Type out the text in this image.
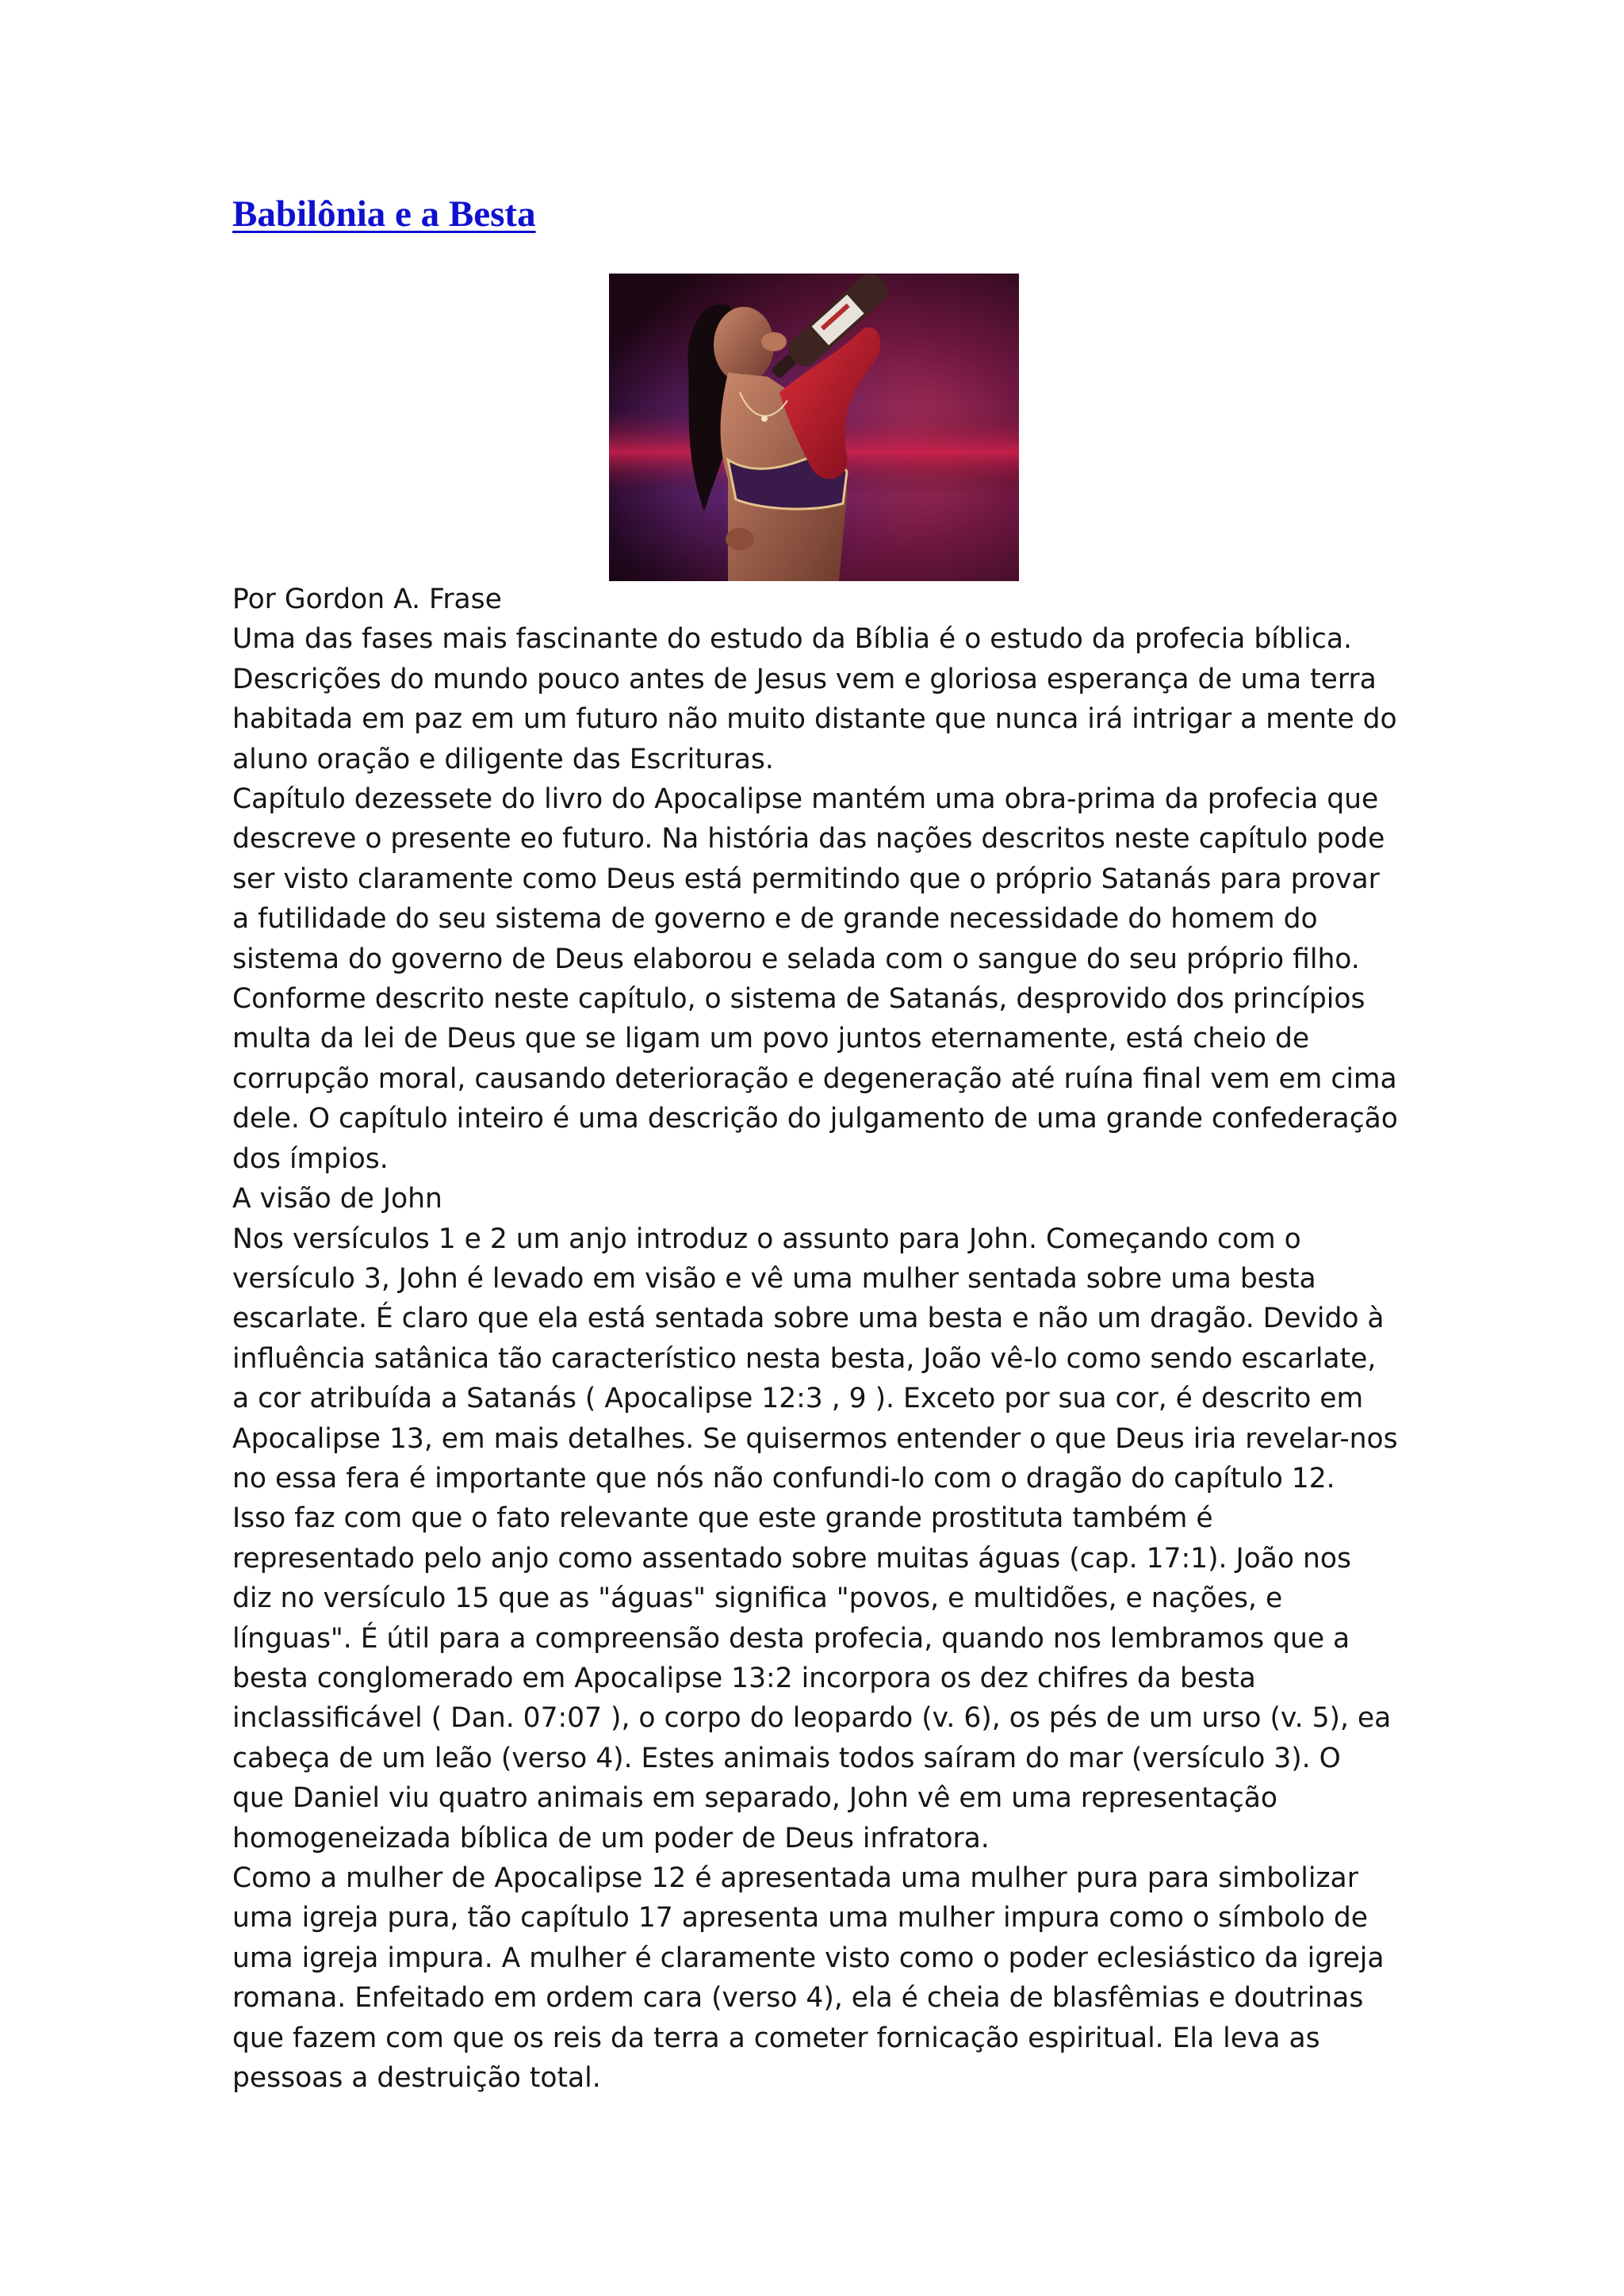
Babilônia e a Besta

Por Gordon A. Frase

Uma das fases mais fascinante do estudo da Bíblia é o estudo da profecia bíblica. Descrições do mundo pouco antes de Jesus vem e gloriosa esperança de uma terra habitada em paz em um futuro não muito distante que nunca irá intrigar a mente do aluno oração e diligente das Escrituras.

Capítulo dezessete do livro do Apocalipse mantém uma obra-prima da profecia que descreve o presente eo futuro. Na história das nações descritos neste capítulo pode ser visto claramente como Deus está permitindo que o próprio Satanás para provar a futilidade do seu sistema de governo e de grande necessidade do homem do sistema do governo de Deus elaborou e selada com o sangue do seu próprio filho.

Conforme descrito neste capítulo, o sistema de Satanás, desprovido dos princípios multa da lei de Deus que se ligam um povo juntos eternamente, está cheio de corrupção moral, causando deterioração e degeneração até ruína final vem em cima dele. O capítulo inteiro é uma descrição do julgamento de uma grande confederação dos ímpios.

A visão de John

Nos versículos 1 e 2 um anjo introduz o assunto para John. Começando com o versículo 3, John é levado em visão e vê uma mulher sentada sobre uma besta escarlate. É claro que ela está sentada sobre uma besta e não um dragão. Devido à influência satânica tão característico nesta besta, João vê-lo como sendo escarlate, a cor atribuída a Satanás ( Apocalipse 12:3 , 9 ). Exceto por sua cor, é descrito em Apocalipse 13, em mais detalhes. Se quisermos entender o que Deus iria revelar-nos no essa fera é importante que nós não confundi-lo com o dragão do capítulo 12.

Isso faz com que o fato relevante que este grande prostituta também é representado pelo anjo como assentado sobre muitas águas (cap. 17:1). João nos diz no versículo 15 que as "águas" significa "povos, e multidões, e nações, e línguas". É útil para a compreensão desta profecia, quando nos lembramos que a besta conglomerado em Apocalipse 13:2 incorpora os dez chifres da besta inclassificável ( Dan. 07:07 ), o corpo do leopardo (v. 6), os pés de um urso (v. 5), ea cabeça de um leão (verso 4). Estes animais todos saíram do mar (versículo 3). O que Daniel viu quatro animais em separado, John vê em uma representação homogeneizada bíblica de um poder de Deus infratora.

Como a mulher de Apocalipse 12 é apresentada uma mulher pura para simbolizar uma igreja pura, tão capítulo 17 apresenta uma mulher impura como o símbolo de uma igreja impura. A mulher é claramente visto como o poder eclesiástico da igreja romana. Enfeitado em ordem cara (verso 4), ela é cheia de blasfêmias e doutrinas que fazem com que os reis da terra a cometer fornicação espiritual. Ela leva as pessoas a destruição total.
